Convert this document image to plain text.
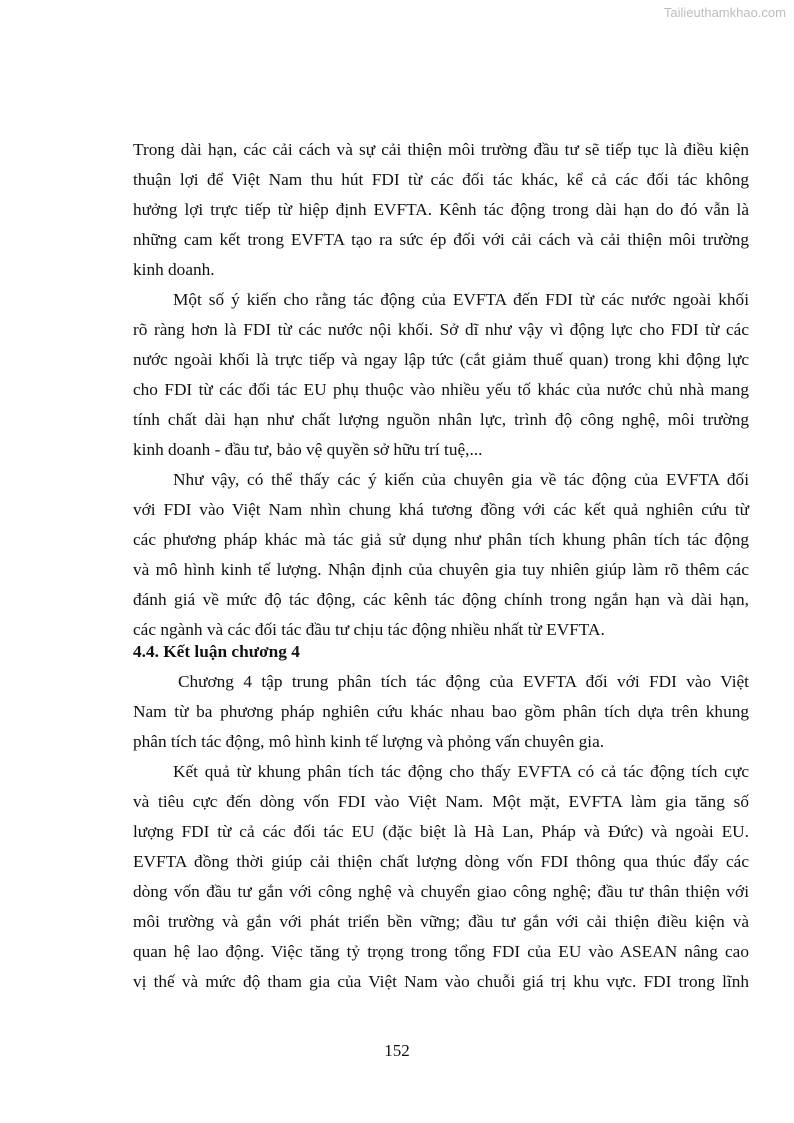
Tailieuthamkhao.com
Trong dài hạn, các cải cách và sự cải thiện môi trường đầu tư sẽ tiếp tục là điều kiện
thuận lợi để Việt Nam thu hút FDI từ các đối tác khác, kể cả các đối tác không
hưởng lợi trực tiếp từ hiệp định EVFTA. Kênh tác động trong dài hạn do đó vẫn là
những cam kết trong EVFTA tạo ra sức ép đối với cải cách và cải thiện môi trường
kinh doanh.
Một số ý kiến cho rằng tác động của EVFTA đến FDI từ các nước ngoài khối
rõ ràng hơn là FDI từ các nước nội khối. Sở dĩ như vậy vì động lực cho FDI từ các
nước ngoài khối là trực tiếp và ngay lập tức (cắt giảm thuế quan) trong khi động lực
cho FDI từ các đối tác EU phụ thuộc vào nhiều yếu tố khác của nước chủ nhà mang
tính chất dài hạn như chất lượng nguồn nhân lực, trình độ công nghệ, môi trường
kinh doanh - đầu tư, bảo vệ quyền sở hữu trí tuệ,...
Như vậy, có thể thấy các ý kiến của chuyên gia về tác động của EVFTA đối
với FDI vào Việt Nam nhìn chung khá tương đồng với các kết quả nghiên cứu từ
các phương pháp khác mà tác giả sử dụng như phân tích khung phân tích tác động
và mô hình kinh tế lượng. Nhận định của chuyên gia tuy nhiên giúp làm rõ thêm các
đánh giá về mức độ tác động, các kênh tác động chính trong ngắn hạn và dài hạn,
các ngành và các đối tác đầu tư chịu tác động nhiều nhất từ EVFTA.
4.4. Kết luận chương 4
Chương 4 tập trung phân tích tác động của EVFTA đối với FDI vào Việt
Nam từ ba phương pháp nghiên cứu khác nhau bao gồm phân tích dựa trên khung
phân tích tác động, mô hình kinh tế lượng và phỏng vấn chuyên gia.
Kết quả từ khung phân tích tác động cho thấy EVFTA có cả tác động tích cực
và tiêu cực đến dòng vốn FDI vào Việt Nam. Một mặt, EVFTA làm gia tăng số
lượng FDI từ cả các đối tác EU (đặc biệt là Hà Lan, Pháp và Đức) và ngoài EU.
EVFTA đồng thời giúp cải thiện chất lượng dòng vốn FDI thông qua thúc đẩy các
dòng vốn đầu tư gắn với công nghệ và chuyển giao công nghệ; đầu tư thân thiện với
môi trường và gắn với phát triển bền vững; đầu tư gắn với cải thiện điều kiện và
quan hệ lao động. Việc tăng tỷ trọng trong tổng FDI của EU vào ASEAN nâng cao
vị thế và mức độ tham gia của Việt Nam vào chuỗi giá trị khu vực. FDI trong lĩnh
152
